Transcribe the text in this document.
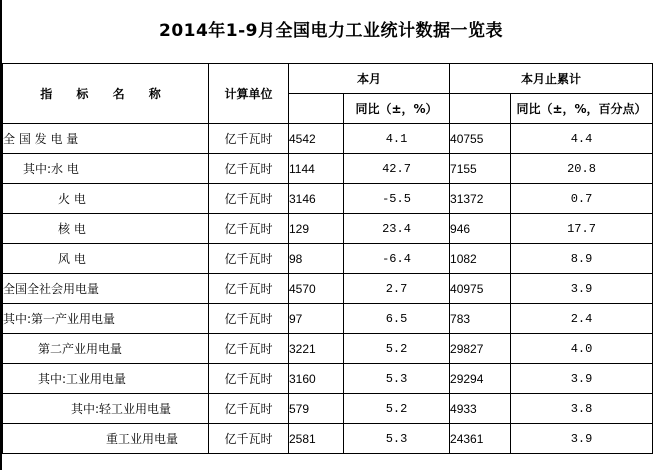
2014年1-9月全国电力工业统计数据一览表
指 标 名 称	计算单位	本月		本月止累计	
			同比（±，%）		同比（±，%，百分点）
全 国 发 电 量	亿千瓦时	4542	4.1	40755	4.4
其中:水 电	亿千瓦时	1144	42.7	7155	20.8
火 电	亿千瓦时	3146	-5.5	31372	0.7
核 电	亿千瓦时	129	23.4	946	17.7
风 电	亿千瓦时	98	-6.4	1082	8.9
全国全社会用电量	亿千瓦时	4570	2.7	40975	3.9
其中:第一产业用电量	亿千瓦时	97	6.5	783	2.4
第二产业用电量	亿千瓦时	3221	5.2	29827	4.0
其中:工业用电量	亿千瓦时	3160	5.3	29294	3.9
其中:轻工业用电量	亿千瓦时	579	5.2	4933	3.8
重工业用电量	亿千瓦时	2581	5.3	24361	3.9
